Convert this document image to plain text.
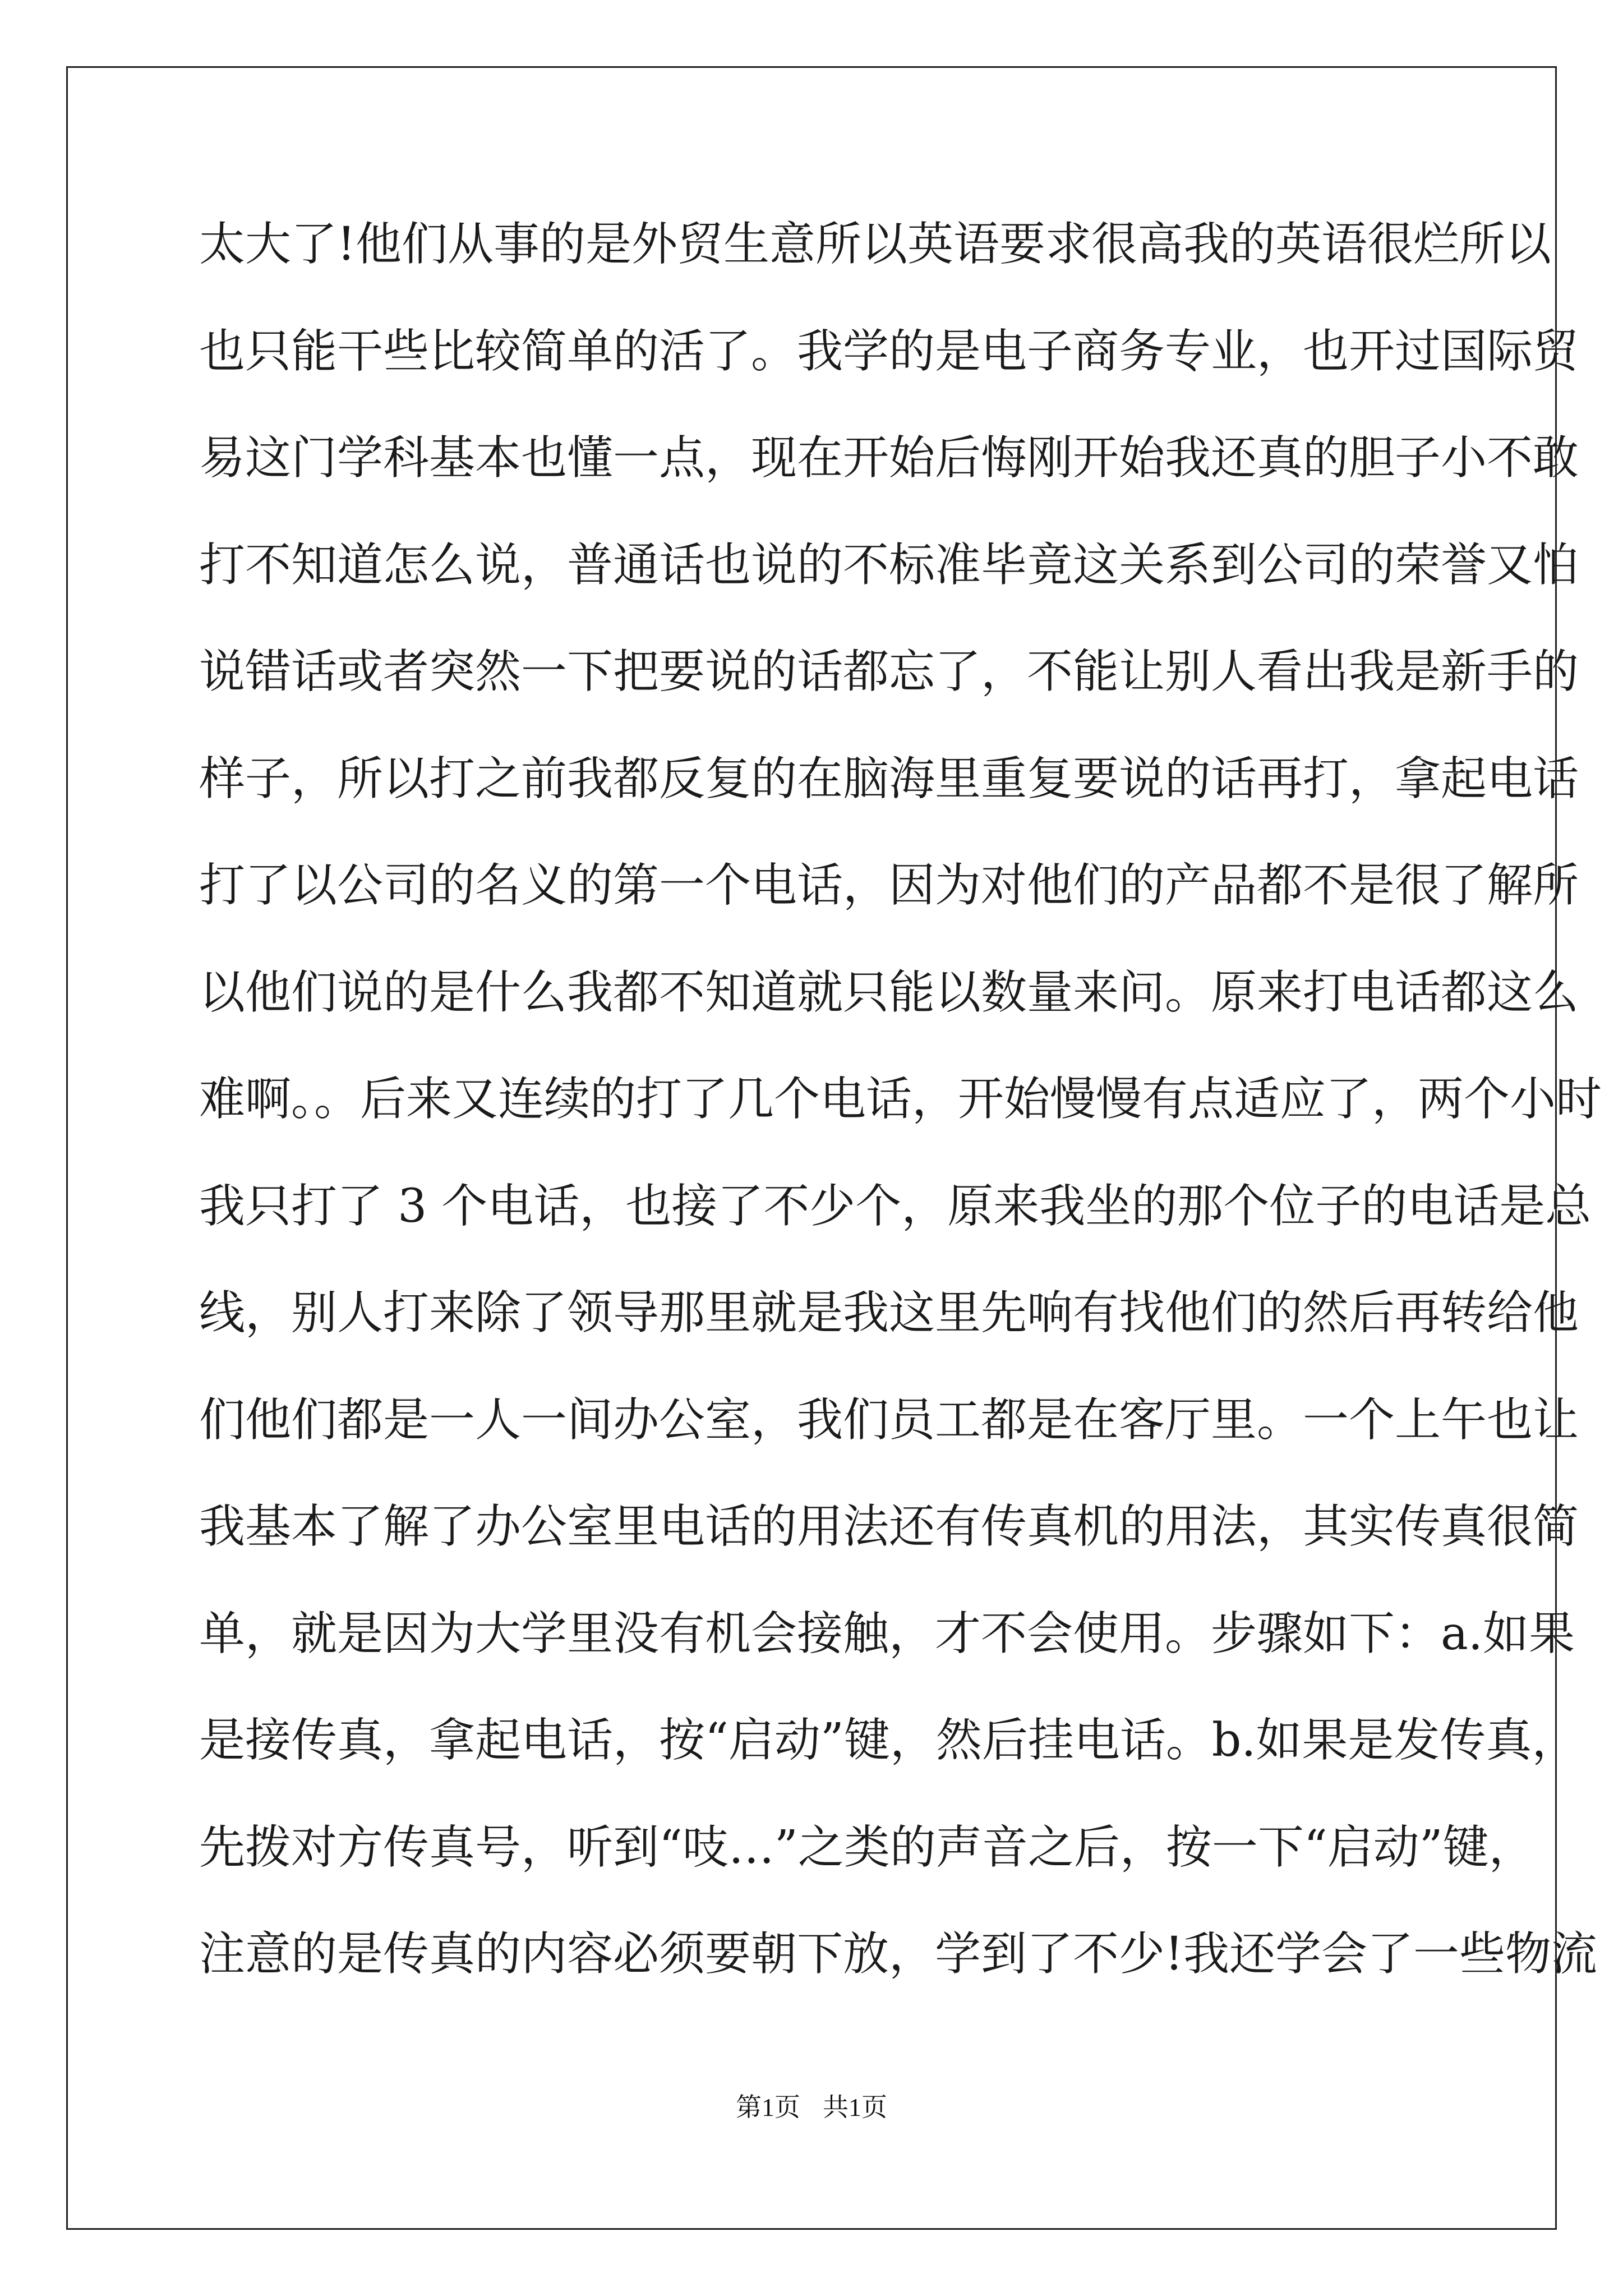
太大了!他们从事的是外贸生意所以英语要求很高我的英语很烂所以
也只能干些比较简单的活了。我学的是电子商务专业，也开过国际贸
易这门学科基本也懂一点，现在开始后悔刚开始我还真的胆子小不敢
打不知道怎么说，普通话也说的不标准毕竟这关系到公司的荣誉又怕
说错话或者突然一下把要说的话都忘了，不能让别人看出我是新手的
样子，所以打之前我都反复的在脑海里重复要说的话再打，拿起电话
打了以公司的名义的第一个电话，因为对他们的产品都不是很了解所
以他们说的是什么我都不知道就只能以数量来问。原来打电话都这么
难啊。。后来又连续的打了几个电话，开始慢慢有点适应了，两个小时
我只打了 3 个电话，也接了不少个，原来我坐的那个位子的电话是总
线，别人打来除了领导那里就是我这里先响有找他们的然后再转给他
们他们都是一人一间办公室，我们员工都是在客厅里。一个上午也让
我基本了解了办公室里电话的用法还有传真机的用法，其实传真很简
单，就是因为大学里没有机会接触，才不会使用。步骤如下：a.如果
是接传真，拿起电话，按“启动”键，然后挂电话。b.如果是发传真，
先拨对方传真号，听到“吱…”之类的声音之后，按一下“启动”键，
注意的是传真的内容必须要朝下放，学到了不少!我还学会了一些物流
第1页 共1页
